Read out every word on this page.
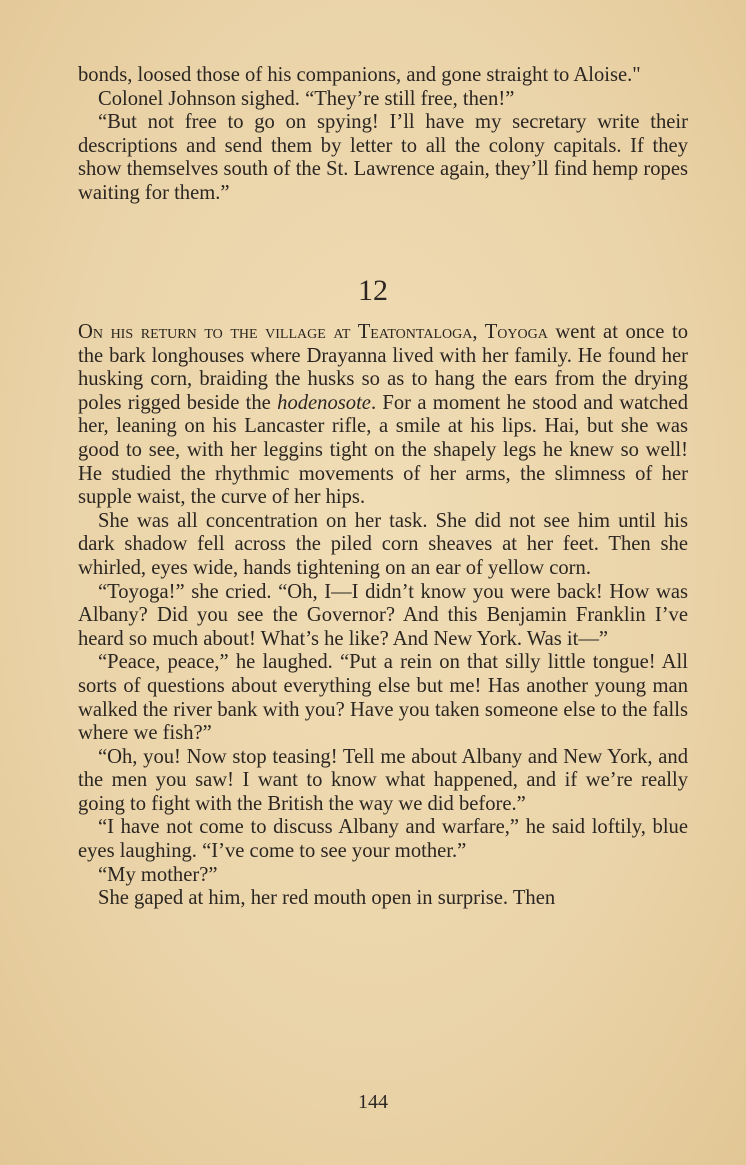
bonds, loosed those of his companions, and gone straight to Aloise."

Colonel Johnson sighed. “They’re still free, then!”

“But not free to go on spying! I’ll have my secretary write their descriptions and send them by letter to all the colony capitals. If they show themselves south of the St. Lawrence again, they’ll find hemp ropes waiting for them.”

12

On his return to the village at Teatontaloga, Toyoga went at once to the bark longhouses where Drayanna lived with her family. He found her husking corn, braiding the husks so as to hang the ears from the drying poles rigged beside the hodenosote. For a moment he stood and watched her, leaning on his Lancaster rifle, a smile at his lips. Hai, but she was good to see, with her leggins tight on the shapely legs he knew so well! He studied the rhythmic movements of her arms, the slimness of her supple waist, the curve of her hips.

She was all concentration on her task. She did not see him until his dark shadow fell across the piled corn sheaves at her feet. Then she whirled, eyes wide, hands tightening on an ear of yellow corn.

“Toyoga!” she cried. “Oh, I—I didn’t know you were back! How was Albany? Did you see the Governor? And this Benjamin Franklin I’ve heard so much about! What’s he like? And New York. Was it—”

“Peace, peace,” he laughed. “Put a rein on that silly little tongue! All sorts of questions about everything else but me! Has another young man walked the river bank with you? Have you taken someone else to the falls where we fish?”

“Oh, you! Now stop teasing! Tell me about Albany and New York, and the men you saw! I want to know what happened, and if we’re really going to fight with the British the way we did before.”

“I have not come to discuss Albany and warfare,” he said loftily, blue eyes laughing. “I’ve come to see your mother.”

“My mother?”

She gaped at him, her red mouth open in surprise. Then

144
